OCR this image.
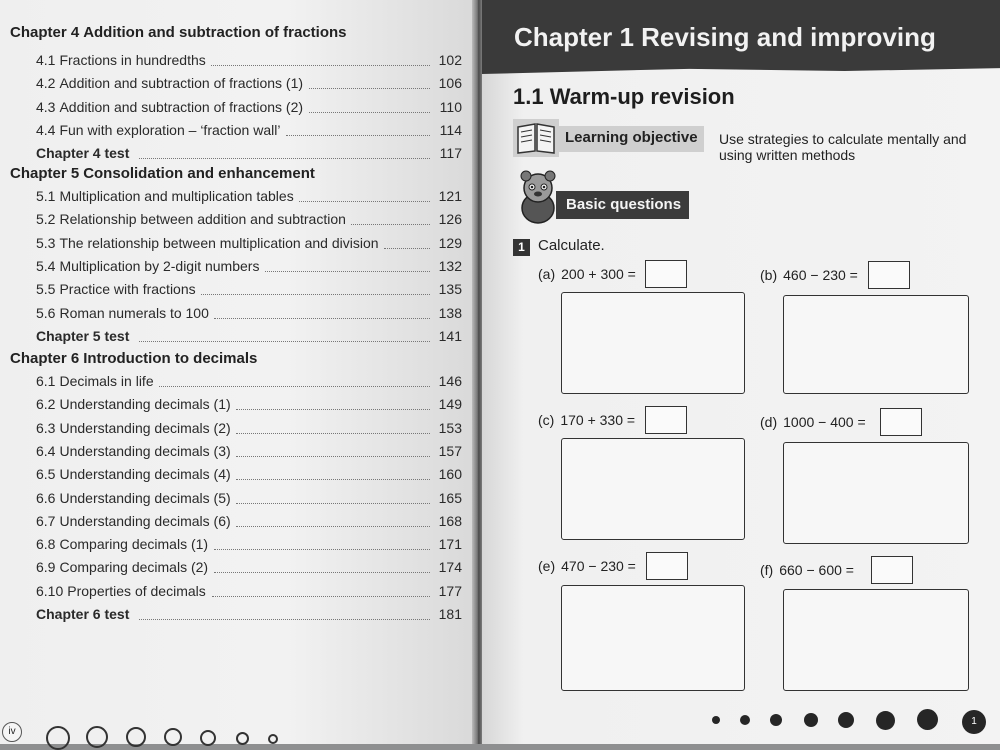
Chapter 4 Addition and subtraction of fractions
4.1 Fractions in hundredths	102
4.2 Addition and subtraction of fractions (1)	106
4.3 Addition and subtraction of fractions (2)	110
4.4 Fun with exploration – ‘fraction wall’	114
Chapter 4 test	117
Chapter 5 Consolidation and enhancement
5.1 Multiplication and multiplication tables	121
5.2 Relationship between addition and subtraction	126
5.3 The relationship between multiplication and division	129
5.4 Multiplication by 2-digit numbers	132
5.5 Practice with fractions	135
5.6 Roman numerals to 100	138
Chapter 5 test	141
Chapter 6 Introduction to decimals
6.1 Decimals in life	146
6.2 Understanding decimals (1)	149
6.3 Understanding decimals (2)	153
6.4 Understanding decimals (3)	157
6.5 Understanding decimals (4)	160
6.6 Understanding decimals (5)	165
6.7 Understanding decimals (6)	168
6.8 Comparing decimals (1)	171
6.9 Comparing decimals (2)	174
6.10 Properties of decimals	177
Chapter 6 test	181
iv
Chapter 1 Revising and improving
1.1 Warm-up revision
Learning objective	Use strategies to calculate mentally and using written methods
Basic questions
1 Calculate.
(a) 200 + 300 =	(b) 460 − 230 =
(c) 170 + 330 =	(d) 1000 − 400 =
(e) 470 − 230 =	(f) 660 − 600 =
1
